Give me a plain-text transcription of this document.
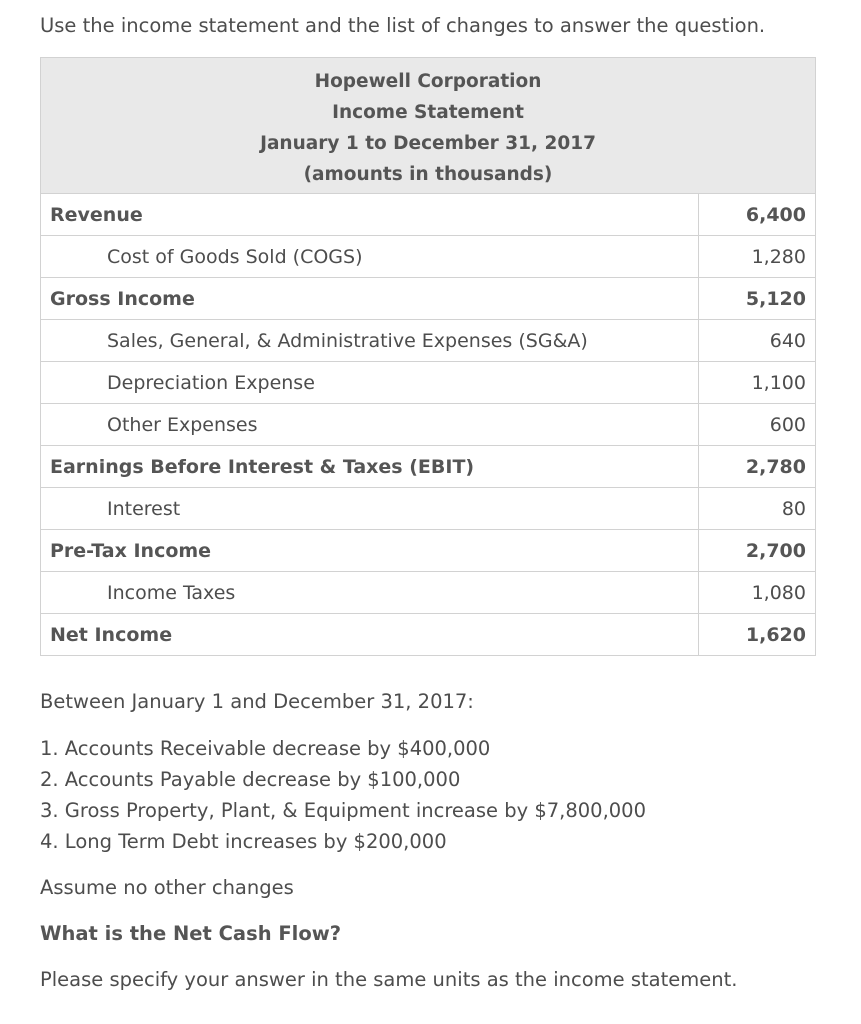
Use the income statement and the list of changes to answer the question.
Hopewell Corporation
Income Statement
January 1 to December 31, 2017
(amounts in thousands)	

Revenue	6,400
Cost of Goods Sold (COGS)	1,280
Gross Income	5,120
Sales, General, & Administrative Expenses (SG&A)	640
Depreciation Expense	1,100
Other Expenses	600
Earnings Before Interest & Taxes (EBIT)	2,780
Interest	80
Pre-Tax Income	2,700
Income Taxes	1,080
Net Income	1,620
Between January 1 and December 31, 2017:
1. Accounts Receivable decrease by $400,000
2. Accounts Payable decrease by $100,000
3. Gross Property, Plant, & Equipment increase by $7,800,000
4. Long Term Debt increases by $200,000
Assume no other changes
What is the Net Cash Flow?
Please specify your answer in the same units as the income statement.
